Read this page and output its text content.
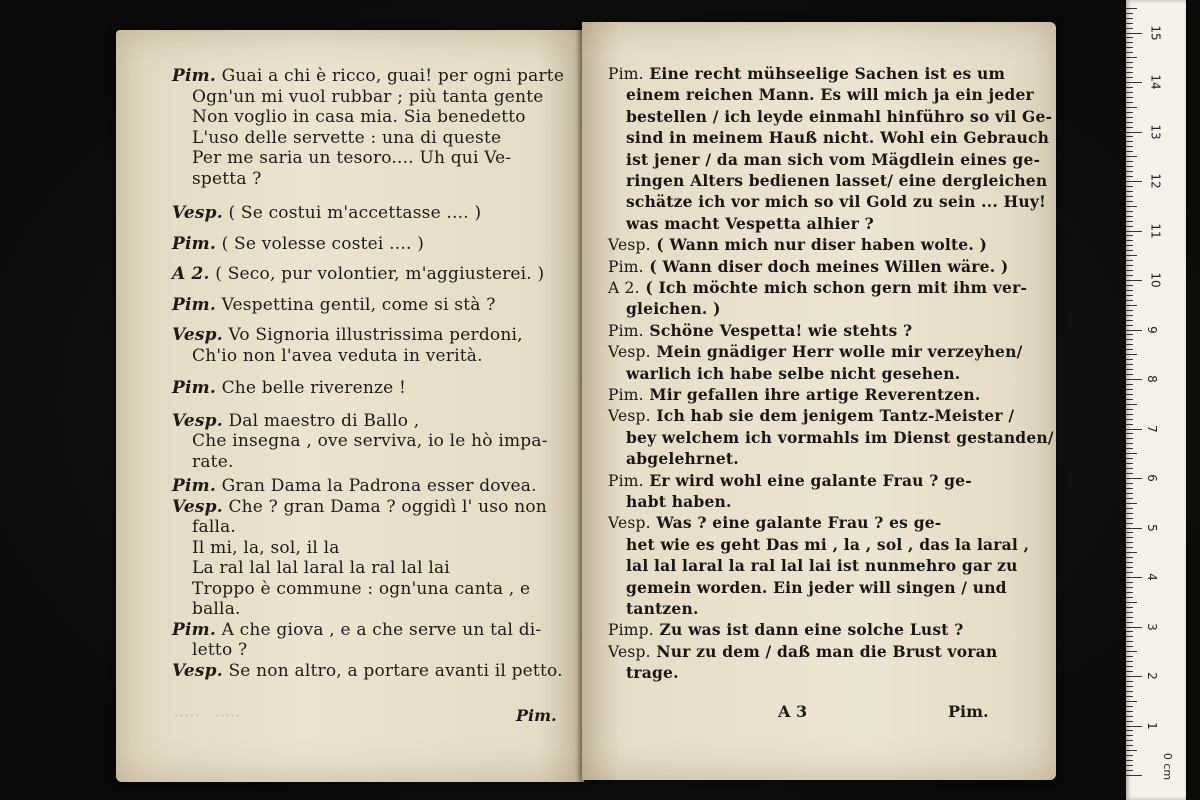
Pim. Guai a chi è ricco, guai! per ogni parte
Ogn'un mi vuol rubbar ; più tanta gente
Non voglio in casa mia. Sia benedetto
L'uso delle servette : una di queste
Per me saria un tesoro.... Uh qui Ve-
spetta ?
Vesp. ( Se costui m'accettasse .... )
Pim. ( Se volesse costei .... )
A 2. ( Seco, pur volontier, m'aggiusterei. )
Pim. Vespettina gentil, come si stà ?
Vesp. Vo Signoria illustrissima perdoni,
Ch'io non l'avea veduta in verità.
Pim. Che belle riverenze !
Vesp. Dal maestro di Ballo ,
Che insegna , ove serviva, io le hò impa-
rate.
Pim. Gran Dama la Padrona esser dovea.
Vesp. Che ? gran Dama ? oggidì l' uso non
falla.
Il mi, la, sol, il la
La ral lal lal laral la ral lal lai
Troppo è commune : ogn'una canta , e
balla.
Pim. A che giova , e a che serve un tal di-
letto ?
Vesp. Se non altro, a portare avanti il petto.
·····   ·····	Pim.
Pim. Eine recht mühseelige Sachen ist es um
einem reichen Mann. Es will mich ja ein jeder
bestellen / ich leyde einmahl hinführo so vil Ge-
sind in meinem Hauß nicht. Wohl ein Gebrauch
ist jener / da man sich vom Mägdlein eines ge-
ringen Alters bedienen lasset/ eine dergleichen
schätze ich vor mich so vil Gold zu sein ... Huy!
was macht Vespetta alhier ?
Vesp. ( Wann mich nur diser haben wolte. )
Pim. ( Wann diser doch meines Willen wäre. )
A 2. ( Ich möchte mich schon gern mit ihm ver-
gleichen. )
Pim. Schöne Vespetta! wie stehts ?
Vesp. Mein gnädiger Herr wolle mir verzeyhen/
warlich ich habe selbe nicht gesehen.
Pim. Mir gefallen ihre artige Reverentzen.
Vesp. Ich hab sie dem jenigem Tantz-Meister /
bey welchem ich vormahls im Dienst gestanden/
abgelehrnet.
Pim. Er wird wohl eine galante Frau ? ge-
habt haben.
Vesp. Was ? eine galante Frau ? es ge-
het wie es geht Das mi , la , sol , das la laral ,
lal lal laral la ral lal lai ist nunmehro gar zu
gemein worden. Ein jeder will singen / und
tantzen.
Pimp. Zu was ist dann eine solche Lust ?
Vesp. Nur zu dem / daß man die Brust voran
trage.
A 3	Pim.
0 cm
1
2
3
4
5
6
7
8
9
10
11
12
13
14
15
